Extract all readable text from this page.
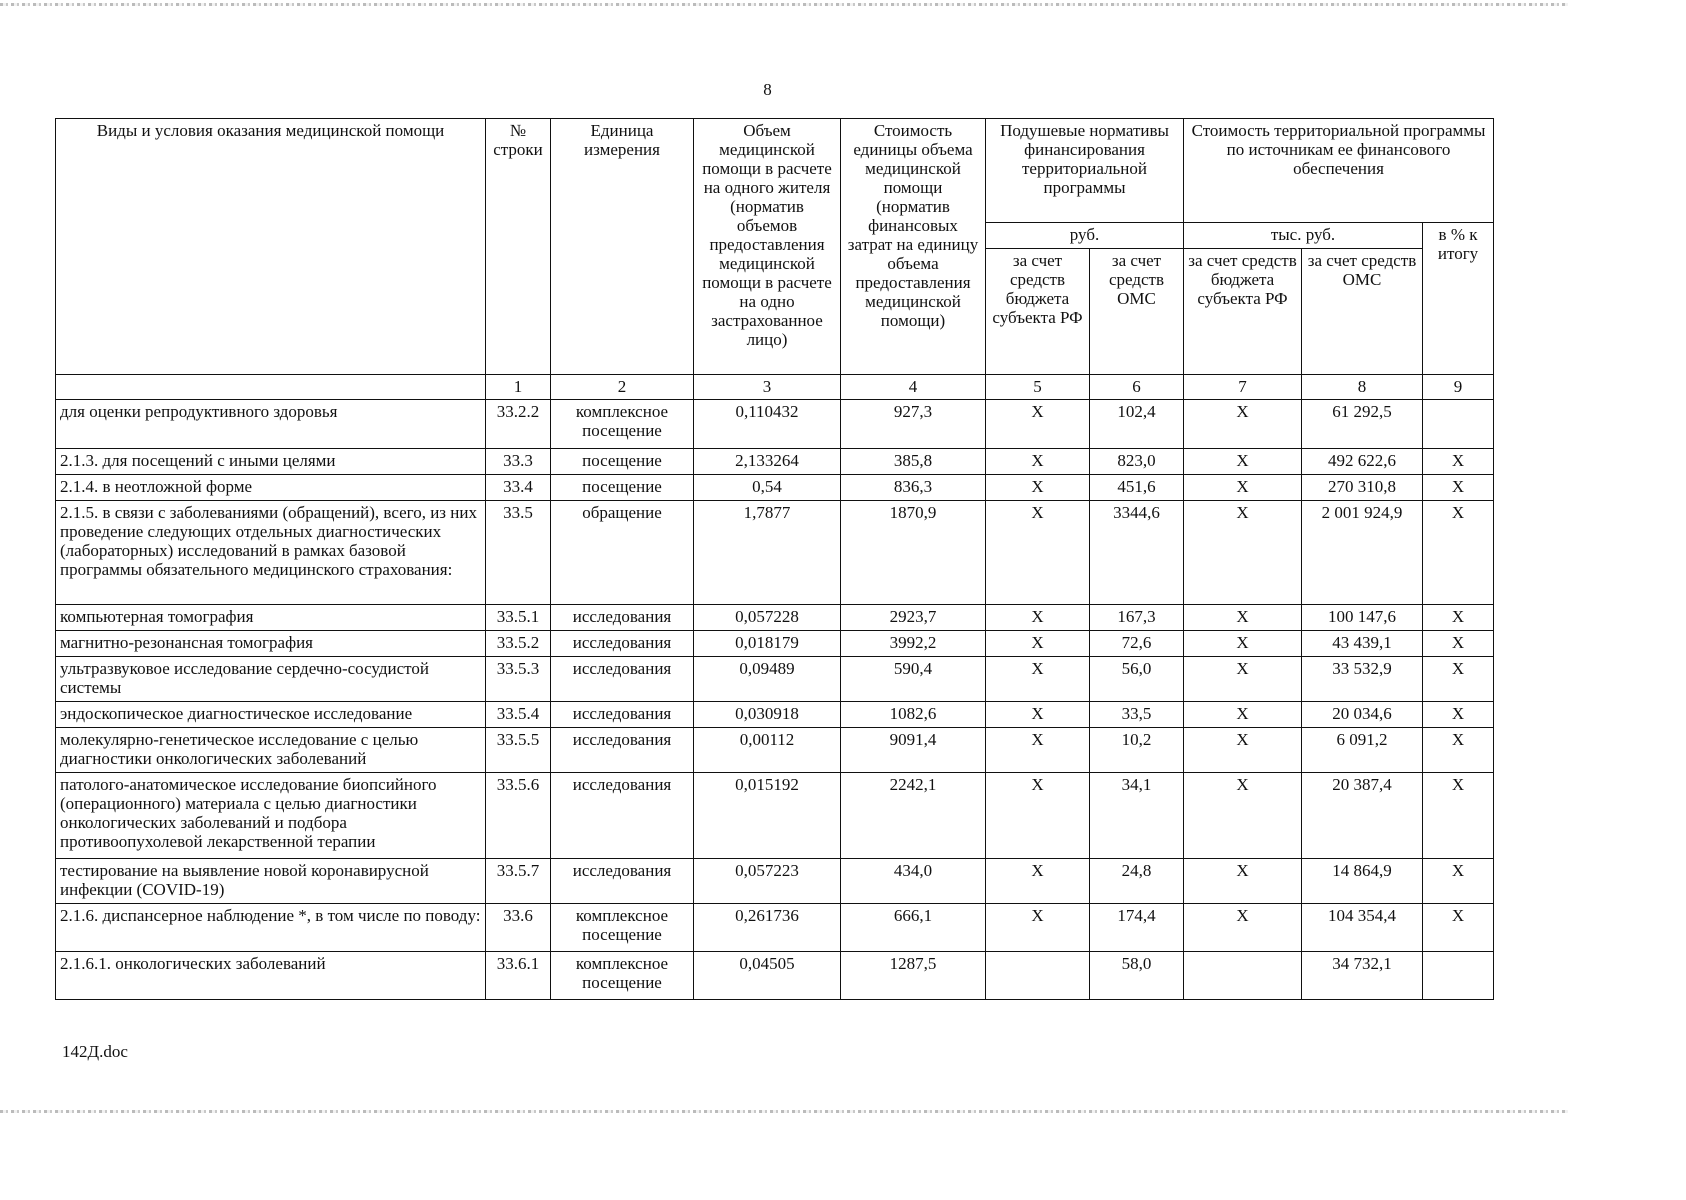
8
Виды и условия оказания медицинской помощи	№ строки	Единица измерения	Объем медицинской помощи в расчете на одного жителя (норматив объемов предоставления медицинской помощи в расчете на одно застрахованное лицо)	Стоимость единицы объема медицинской помощи (норматив финансовых затрат на единицу объема предоставления медицинской помощи)	Подушевые нормативы финансирования территориальной программы		Стоимость территориальной программы по источникам ее финансового обеспечения		
					руб.		тыс. руб.		в % к итогу
					за счет средств бюджета субъекта РФ	за счет средств ОМС	за счет средств бюджета субъекта РФ	за счет средств ОМС	

	1	2	3	4	5	6	7	8	9
для оценки репродуктивного здоровья	33.2.2	комплексное посещение	0,110432	927,3	X	102,4	X	61 292,5	
2.1.3. для посещений с иными целями	33.3	посещение	2,133264	385,8	X	823,0	X	492 622,6	X
2.1.4. в неотложной форме	33.4	посещение	0,54	836,3	X	451,6	X	270 310,8	X
2.1.5. в связи с заболеваниями (обращений), всего, из них проведение следующих отдельных диагностических (лабораторных) исследований в рамках базовой программы обязательного медицинского страхования:	33.5	обращение	1,7877	1870,9	X	3344,6	X	2 001 924,9	X
компьютерная томография	33.5.1	исследования	0,057228	2923,7	X	167,3	X	100 147,6	X
магнитно-резонансная томография	33.5.2	исследования	0,018179	3992,2	X	72,6	X	43 439,1	X
ультразвуковое исследование сердечно-сосудистой системы	33.5.3	исследования	0,09489	590,4	X	56,0	X	33 532,9	X
эндоскопическое диагностическое исследование	33.5.4	исследования	0,030918	1082,6	X	33,5	X	20 034,6	X
молекулярно-генетическое исследование с целью диагностики онкологических заболеваний	33.5.5	исследования	0,00112	9091,4	X	10,2	X	6 091,2	X
патолого-анатомическое исследование биопсийного (операционного) материала с целью диагностики онкологических заболеваний и подбора противоопухолевой лекарственной терапии	33.5.6	исследования	0,015192	2242,1	X	34,1	X	20 387,4	X
тестирование на выявление новой коронавирусной инфекции (COVID-19)	33.5.7	исследования	0,057223	434,0	X	24,8	X	14 864,9	X
2.1.6. диспансерное наблюдение *, в том числе по поводу:	33.6	комплексное посещение	0,261736	666,1	X	174,4	X	104 354,4	X
2.1.6.1. онкологических заболеваний	33.6.1	комплексное посещение	0,04505	1287,5		58,0		34 732,1	
142Д.doc
